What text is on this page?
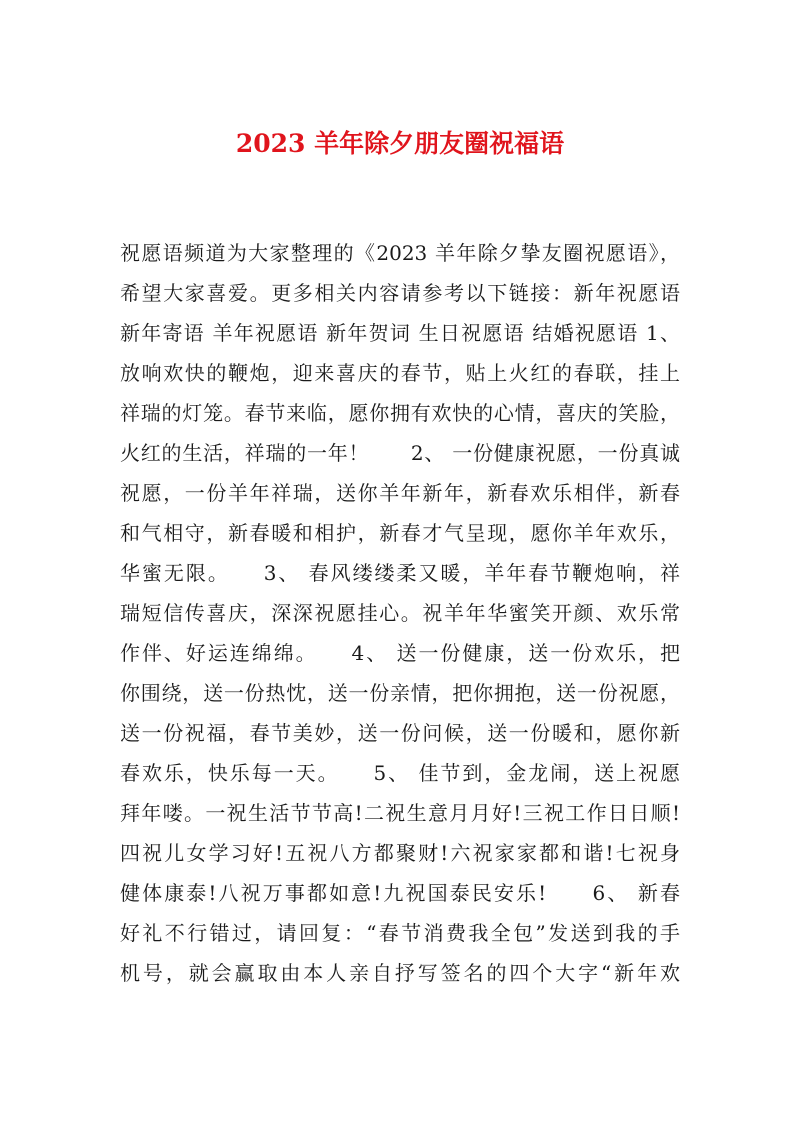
2023 羊年除夕朋友圈祝福语
祝愿语频道为大家整理的《2023 羊年除夕挚友圈祝愿语》，
希望大家喜爱。更多相关内容请参考以下链接：新年祝愿语
新年寄语 羊年祝愿语 新年贺词 生日祝愿语 结婚祝愿语 1、
放响欢快的鞭炮，迎来喜庆的春节，贴上火红的春联，挂上
祥瑞的灯笼。春节来临，愿你拥有欢快的心情，喜庆的笑脸，
火红的生活，祥瑞的一年！　　2、 一份健康祝愿，一份真诚
祝愿，一份羊年祥瑞，送你羊年新年，新春欢乐相伴，新春
和气相守，新春暖和相护，新春才气呈现，愿你羊年欢乐，
华蜜无限。　　3、 春风缕缕柔又暖，羊年春节鞭炮响，祥
瑞短信传喜庆，深深祝愿挂心。祝羊年华蜜笑开颜、欢乐常
作伴、好运连绵绵。　　4、 送一份健康，送一份欢乐，把
你围绕，送一份热忱，送一份亲情，把你拥抱，送一份祝愿，
送一份祝福，春节美妙，送一份问候，送一份暖和，愿你新
春欢乐，快乐每一天。　　5、 佳节到，金龙闹，送上祝愿
拜年喽。一祝生活节节高!二祝生意月月好!三祝工作日日顺!
四祝儿女学习好!五祝八方都聚财!六祝家家都和谐!七祝身
健体康泰!八祝万事都如意!九祝国泰民安乐!　　6、 新春
好礼不行错过，请回复：“春节消费我全包”发送到我的手
机号，就会赢取由本人亲自抒写签名的四个大字“新年欢
